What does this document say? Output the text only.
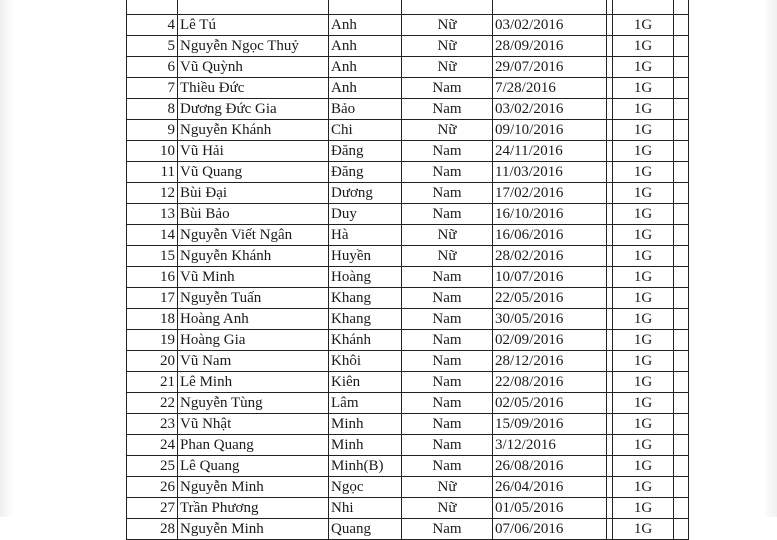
4	Lê Tú	Anh	Nữ	03/02/2016		1G	
5	Nguyễn Ngọc Thuỷ	Anh	Nữ	28/09/2016		1G	
6	Vũ Quỳnh	Anh	Nữ	29/07/2016		1G	
7	Thiều Đức	Anh	Nam	7/28/2016		1G	
8	Dương Đức Gia	Bảo	Nam	03/02/2016		1G	
9	Nguyễn Khánh	Chi	Nữ	09/10/2016		1G	
10	Vũ Hải	Đăng	Nam	24/11/2016		1G	
11	Vũ Quang	Đăng	Nam	11/03/2016		1G	
12	Bùi Đại	Dương	Nam	17/02/2016		1G	
13	Bùi Bảo	Duy	Nam	16/10/2016		1G	
14	Nguyễn Viết Ngân	Hà	Nữ	16/06/2016		1G	
15	Nguyễn Khánh	Huyền	Nữ	28/02/2016		1G	
16	Vũ Minh	Hoàng	Nam	10/07/2016		1G	
17	Nguyễn Tuấn	Khang	Nam	22/05/2016		1G	
18	Hoàng Anh	Khang	Nam	30/05/2016		1G	
19	Hoàng Gia	Khánh	Nam	02/09/2016		1G	
20	Vũ Nam	Khôi	Nam	28/12/2016		1G	
21	Lê Minh	Kiên	Nam	22/08/2016		1G	
22	Nguyễn Tùng	Lâm	Nam	02/05/2016		1G	
23	Vũ Nhật	Minh	Nam	15/09/2016		1G	
24	Phan Quang	Minh	Nam	3/12/2016		1G	
25	Lê Quang	Minh(B)	Nam	26/08/2016		1G	
26	Nguyễn Minh	Ngọc	Nữ	26/04/2016		1G	
27	Trần Phương	Nhi	Nữ	01/05/2016		1G	
28	Nguyễn Minh	Quang	Nam	07/06/2016		1G	
